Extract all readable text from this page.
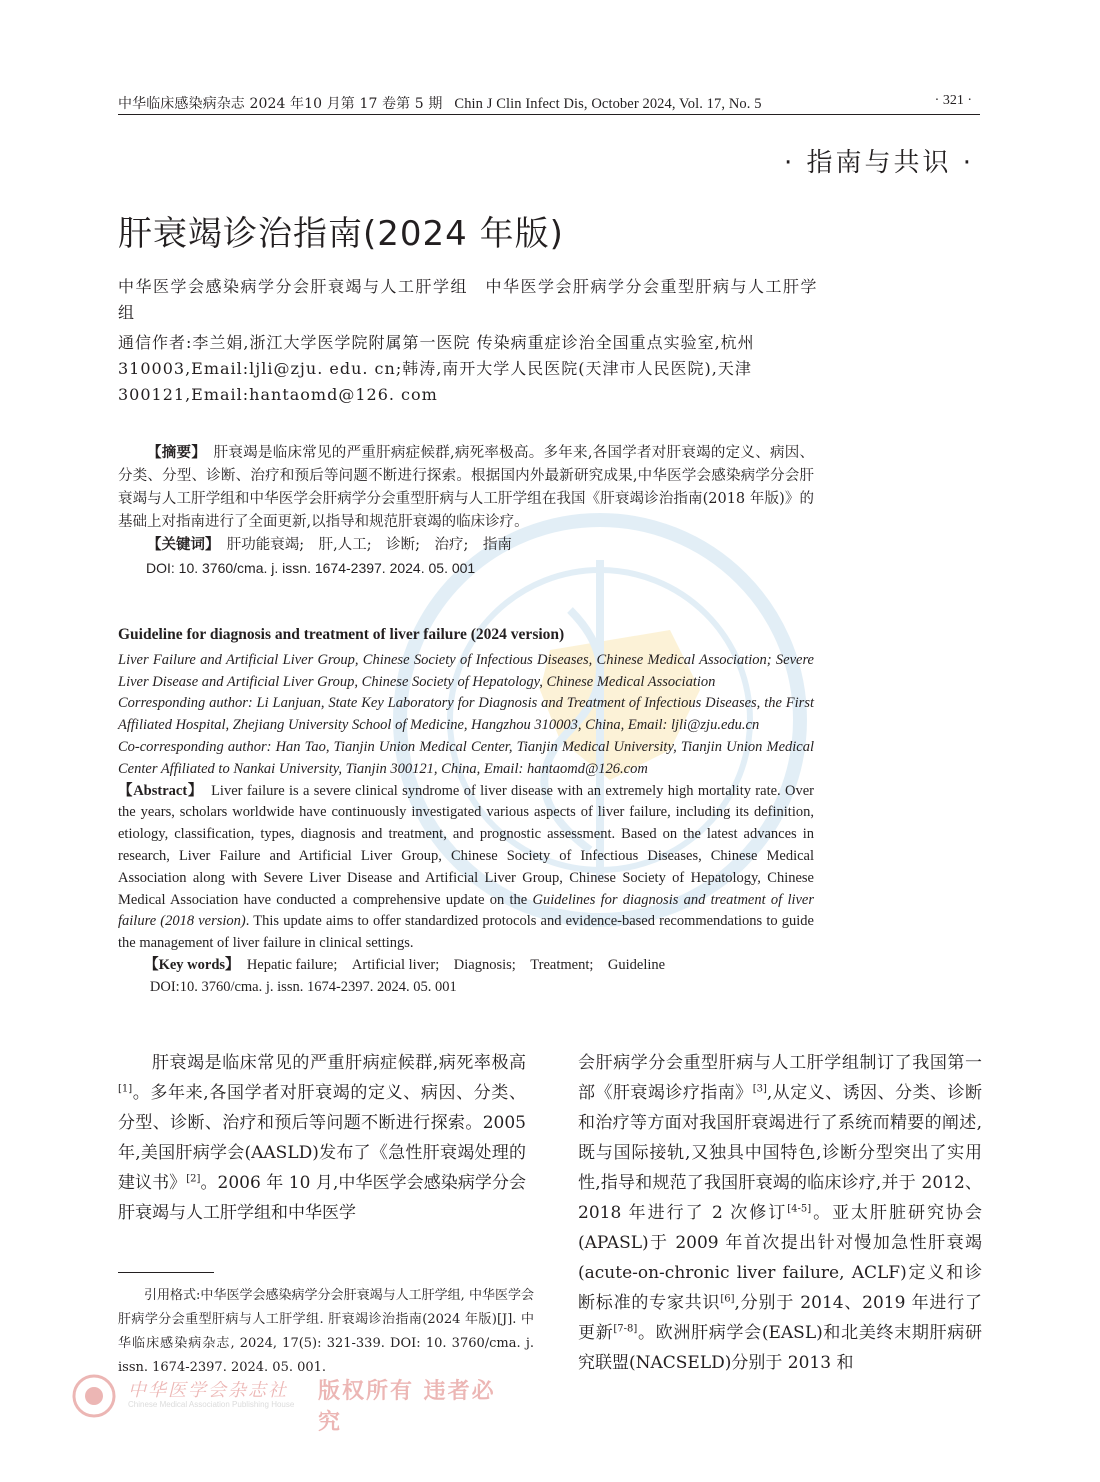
中华临床感染病杂志 2024 年10 月第 17 卷第 5 期 Chin J Clin Infect Dis, October 2024, Vol. 17, No. 5	· 321 ·
· 指南与共识 ·
肝衰竭诊治指南(2024 年版)
中华医学会感染病学分会肝衰竭与人工肝学组　中华医学会肝病学分会重型肝病与人工肝学组
通信作者:李兰娟,浙江大学医学院附属第一医院 传染病重症诊治全国重点实验室,杭州 310003,Email:ljli@zju. edu. cn;韩涛,南开大学人民医院(天津市人民医院),天津300121,Email:hantaomd@126. com

【摘要】　 肝衰竭是临床常见的严重肝病症候群,病死率极高。多年来,各国学者对肝衰竭的定义、病因、分类、分型、诊断、治疗和预后等问题不断进行探索。根据国内外最新研究成果,中华医学会感染病学分会肝衰竭与人工肝学组和中华医学会肝病学分会重型肝病与人工肝学组在我国《肝衰竭诊治指南(2018 年版)》的基础上对指南进行了全面更新,以指导和规范肝衰竭的临床诊疗。

【关键词】　 肝功能衰竭;　肝,人工;　诊断;　治疗;　指南

DOI: 10. 3760/cma. j. issn. 1674-2397. 2024. 05. 001

Guideline for diagnosis and treatment of liver failure (2024 version)

Liver Failure and Artificial Liver Group, Chinese Society of Infectious Diseases, Chinese Medical Association; Severe Liver Disease and Artificial Liver Group, Chinese Society of Hepatology, Chinese Medical Association

Corresponding author: Li Lanjuan, State Key Laboratory for Diagnosis and Treatment of Infectious Diseases, the First Affiliated Hospital, Zhejiang University School of Medicine, Hangzhou 310003, China, Email: ljli@zju.edu.cn

Co-corresponding author: Han Tao, Tianjin Union Medical Center, Tianjin Medical University, Tianjin Union Medical Center Affiliated to Nankai University, Tianjin 300121, China, Email: hantaomd@126.com

【Abstract】　 Liver failure is a severe clinical syndrome of liver disease with an extremely high mortality rate. Over the years, scholars worldwide have continuously investigated various aspects of liver failure, including its definition, etiology, classification, types, diagnosis and treatment, and prognostic assessment. Based on the latest advances in research, Liver Failure and Artificial Liver Group, Chinese Society of Infectious Diseases, Chinese Medical Association along with Severe Liver Disease and Artificial Liver Group, Chinese Society of Hepatology, Chinese Medical Association have conducted a comprehensive update on the Guidelines for diagnosis and treatment of liver failure (2018 version). This update aims to offer standardized protocols and evidence-based recommendations to guide the management of liver failure in clinical settings.

【Key words】　 Hepatic failure;　Artificial liver;　Diagnosis;　Treatment;　Guideline

DOI:10. 3760/cma. j. issn. 1674-2397. 2024. 05. 001

肝衰竭是临床常见的严重肝病症候群,病死率极高[1]。多年来,各国学者对肝衰竭的定义、病因、分类、分型、诊断、治疗和预后等问题不断进行探索。2005 年,美国肝病学会(AASLD)发布了《急性肝衰竭处理的建议书》[2]。2006 年 10 月,中华医学会感染病学分会肝衰竭与人工肝学组和中华医学

会肝病学分会重型肝病与人工肝学组制订了我国第一部《肝衰竭诊疗指南》[3],从定义、诱因、分类、诊断和治疗等方面对我国肝衰竭进行了系统而精要的阐述,既与国际接轨,又独具中国特色,诊断分型突出了实用性,指导和规范了我国肝衰竭的临床诊疗,并于 2012、2018 年进行了 2 次修订[4-5]。亚太肝脏研究协会(APASL)于 2009 年首次提出针对慢加急性肝衰竭(acute-on-chronic liver failure, ACLF)定义和诊断标准的专家共识[6],分别于 2014、2019 年进行了更新[7-8]。欧洲肝病学会(EASL)和北美终末期肝病研究联盟(NACSELD)分别于 2013 和

引用格式:中华医学会感染病学分会肝衰竭与人工肝学组, 中华医学会肝病学分会重型肝病与人工肝学组. 肝衰竭诊治指南(2024 年版)[J]. 中华临床感染病杂志, 2024, 17(5): 321-339. DOI: 10. 3760/cma. j. issn. 1674-2397. 2024. 05. 001.

中华医学会杂志社
Chinese Medical Association Publishing House
版权所有 违者必究
